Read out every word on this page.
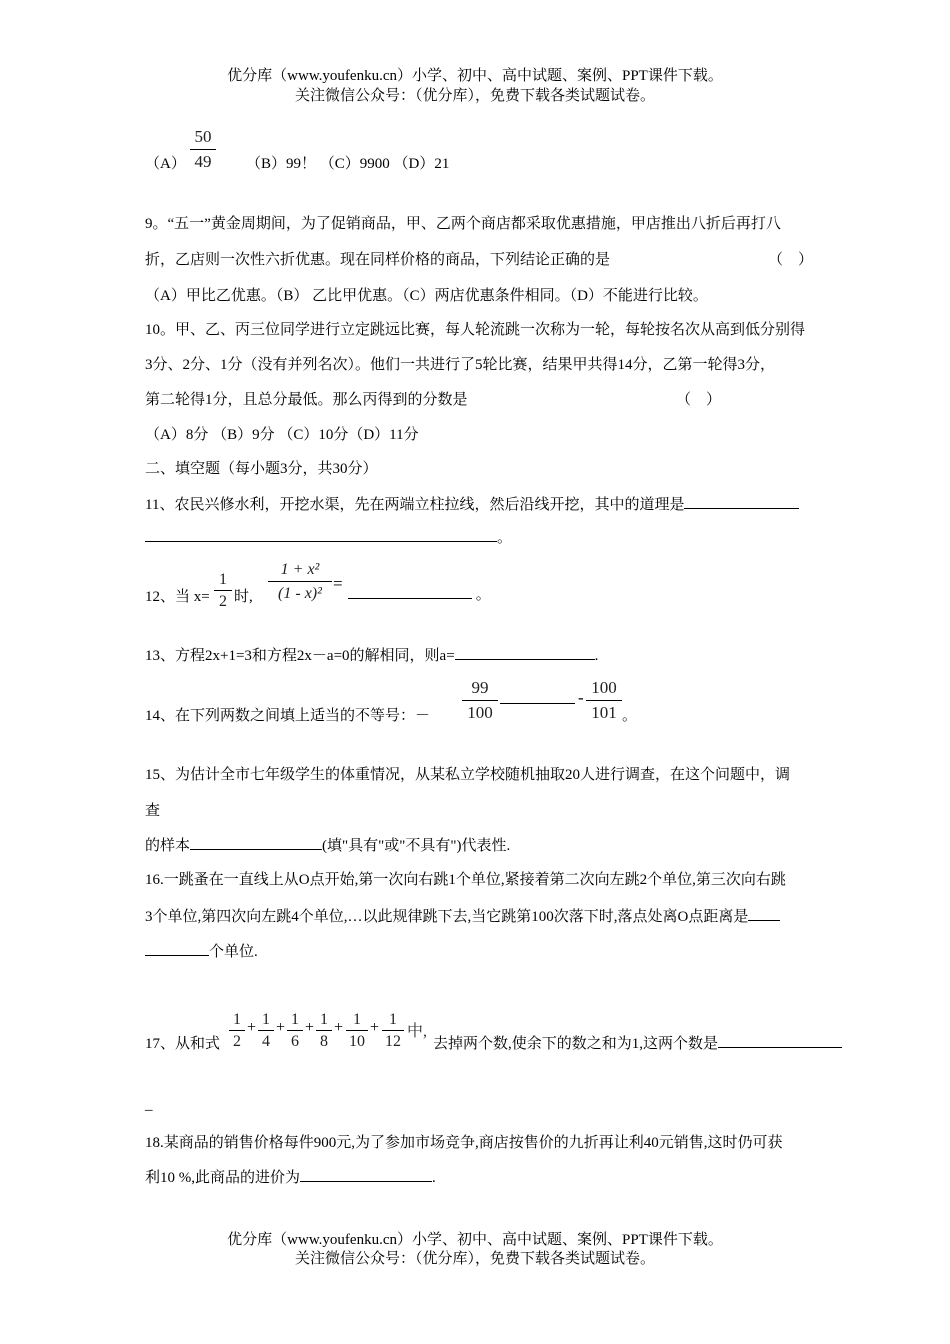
优分库（www.youfenku.cn）小学、初中、高中试题、案例、PPT课件下载。
关注微信公众号：（优分库），免费下载各类试题试卷。
（A）
50
49	（B）99！ （C）9900 （D）21
9。“五一”黄金周期间，为了促销商品，甲、乙两个商店都采取优惠措施，甲店推出八折后再打八
折，乙店则一次性六折优惠。现在同样价格的商品，下列结论正确的是	（　）
（A）甲比乙优惠。（B） 乙比甲优惠。（C）两店优惠条件相同。（D）不能进行比较。
10。甲、乙、丙三位同学进行立定跳远比赛，每人轮流跳一次称为一轮，每轮按名次从高到低分别得
3分、2分、1分（没有并列名次）。他们一共进行了5轮比赛，结果甲共得14分，乙第一轮得3分，
第二轮得1分，且总分最低。那么丙得到的分数是	（　）
（A）8分 （B）9分 （C）10分（D）11分
二、填空题（每小题3分，共30分）
11、农民兴修水利，开挖水渠，先在两端立柱拉线，然后沿线开挖，其中的道理是
。
12、当 x=
1
2 时,
1 + x²
(1 - x)²
=
。
13、方程2x+1=3和方程2x－a=0的解相同，则a=	.
14、在下列两数之间填上适当的不等号：－
99
100
-
100
101 。
15、为估计全市七年级学生的体重情况，从某私立学校随机抽取20人进行调查，在这个问题中，调
查
的样本	(填"具有"或"不具有")代表性.
16.一跳蚤在一直线上从O点开始,第一次向右跳1个单位,紧接着第二次向左跳2个单位,第三次向右跳
3个单位,第四次向左跳4个单位,…以此规律跳下去,当它跳第100次落下时,落点处离O点距离是
个单位.
17、从和式
1
2
+ 1
4
+ 1
6
+ 1
8
+ 1
10
+ 1
12
中,
去掉两个数,使余下的数之和为1,这两个数是
_
18.某商品的销售价格每件900元,为了参加市场竞争,商店按售价的九折再让利40元销售,这时仍可获
利10 %,此商品的进价为	.
优分库（www.youfenku.cn）小学、初中、高中试题、案例、PPT课件下载。
关注微信公众号：（优分库），免费下载各类试题试卷。
